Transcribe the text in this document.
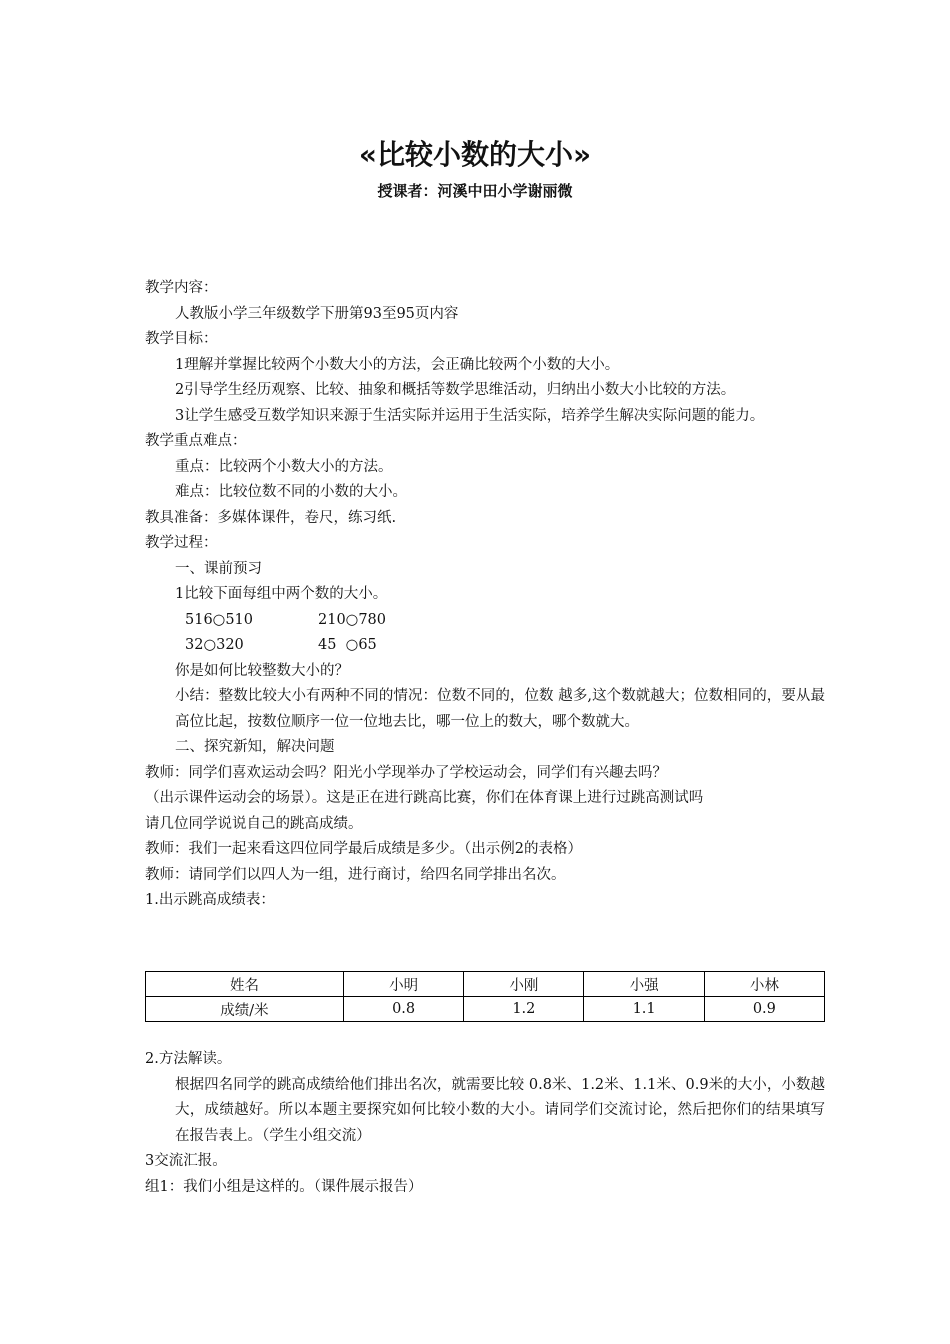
«比较小数的大小»
授课者：河溪中田小学谢丽微
教学内容：
人教版小学三年级数学下册第93至95页内容
教学目标：
1理解并掌握比较两个小数大小的方法，会正确比较两个小数的大小。
2引导学生经历观察、比较、抽象和概括等数学思维活动，归纳出小数大小比较的方法。
3让学生感受互数学知识来源于生活实际并运用于生活实际，培养学生解决实际问题的能力。
教学重点难点：
重点：比较两个小数大小的方法。
难点：比较位数不同的小数的大小。
教具准备：多媒体课件，卷尺，练习纸.
教学过程：
一、课前预习
1比较下面每组中两个数的大小。
516○510	210○780
32○320	45  ○65
你是如何比较整数大小的？
小结：整数比较大小有两种不同的情况：位数不同的，位数 越多,这个数就越大；位数相同的，要从最高位比起，按数位顺序一位一位地去比，哪一位上的数大，哪个数就大。
二、探究新知，解决问题
教师：同学们喜欢运动会吗？阳光小学现举办了学校运动会，同学们有兴趣去吗？
（出示课件运动会的场景）。这是正在进行跳高比赛，你们在体育课上进行过跳高测试吗
请几位同学说说自己的跳高成绩。
教师：我们一起来看这四位同学最后成绩是多少。（出示例2的表格）
教师：请同学们以四人为一组，进行商讨，给四名同学排出名次。
1.出示跳高成绩表：
姓名	小明	小刚	小强	小林
成绩/米	0.8	1.2	1.1	0.9
2.方法解读。
根据四名同学的跳高成绩给他们排出名次，就需要比较 0.8米、1.2米、1.1米、0.9米的大小，小数越大，成绩越好。所以本题主要探究如何比较小数的大小。请同学们交流讨论，然后把你们的结果填写在报告表上。（学生小组交流）
3交流汇报。
组1：我们小组是这样的。（课件展示报告）
